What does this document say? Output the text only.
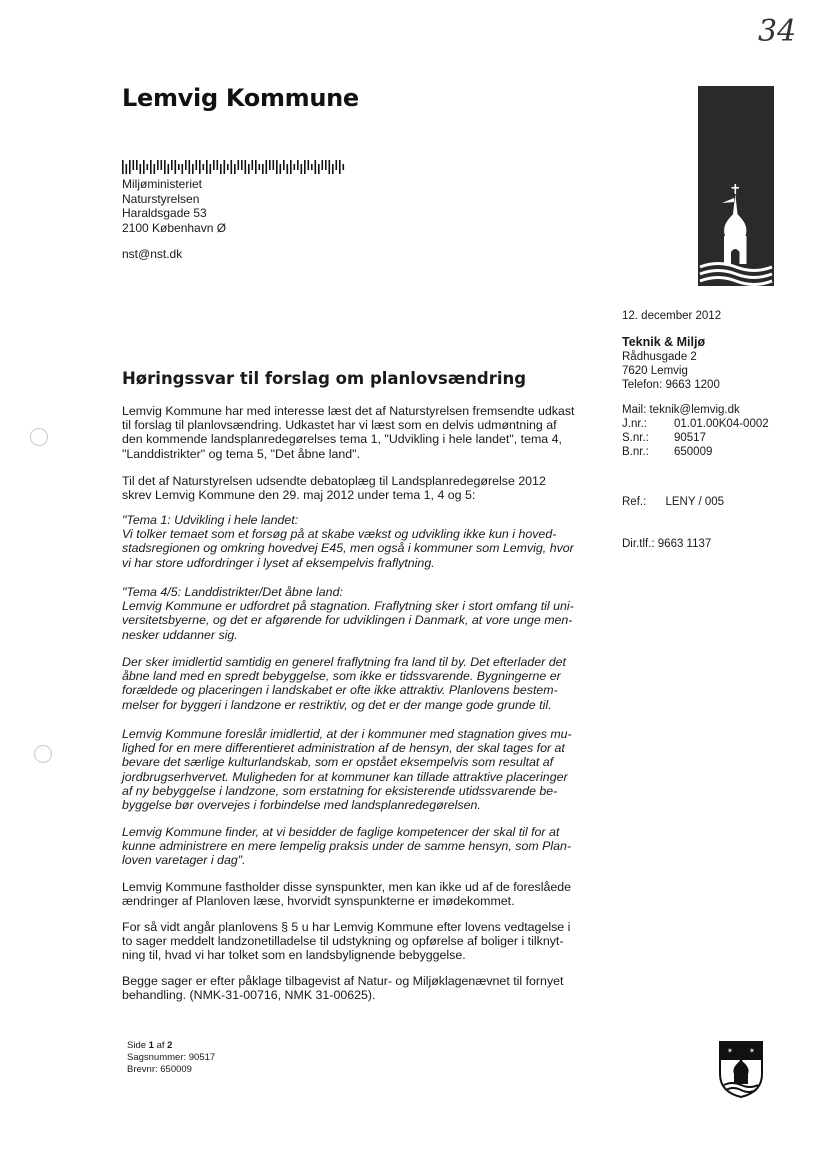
34
Lemvig Kommune
Miljøministeriet
Naturstyrelsen
Haraldsgade 53
2100 København Ø
nst@nst.dk
12. december 2012
Teknik & Miljø
Rådhusgade 2
7620 Lemvig
Telefon: 9663 1200
Mail: teknik@lemvig.dk
J.nr.:	01.01.00K04-0002
S.nr.:	90517
B.nr.:	650009

Ref.:      LENY / 005

Dir.tlf.: 9663 1137

Høringssvar til forslag om planlovsændring
Lemvig Kommune har med interesse læst det af Naturstyrelsen fremsendte udkast
til forslag til planlovsændring. Udkastet har vi læst som en delvis udmøntning af
den kommende landsplanredegørelses tema 1, "Udvikling i hele landet", tema 4,
"Landdistrikter" og tema 5, "Det åbne land".
Til det af Naturstyrelsen udsendte debatoplæg til Landsplanredegørelse 2012
skrev Lemvig Kommune den 29. maj 2012 under tema 1, 4 og 5:
"Tema 1: Udvikling i hele landet:
Vi tolker temaet som et forsøg på at skabe vækst og udvikling ikke kun i hoved-
stadsregionen og omkring hovedvej E45, men også i kommuner som Lemvig, hvor
vi har store udfordringer i lyset af eksempelvis fraflytning.
"Tema 4/5: Landdistrikter/Det åbne land:
Lemvig Kommune er udfordret på stagnation. Fraflytning sker i stort omfang til uni-
versitetsbyerne, og det er afgørende for udviklingen i Danmark, at vore unge men-
nesker uddanner sig.
Der sker imidlertid samtidig en generel fraflytning fra land til by. Det efterlader det
åbne land med en spredt bebyggelse, som ikke er tidssvarende. Bygningerne er
forældede og placeringen i landskabet er ofte ikke attraktiv. Planlovens bestem-
melser for byggeri i landzone er restriktiv, og det er der mange gode grunde til.
Lemvig Kommune foreslår imidlertid, at der i kommuner med stagnation gives mu-
lighed for en mere differentieret administration af de hensyn, der skal tages for at
bevare det særlige kulturlandskab, som er opstået eksempelvis som resultat af
jordbrugserhvervet. Muligheden for at kommuner kan tillade attraktive placeringer
af ny bebyggelse i landzone, som erstatning for eksisterende utidssvarende be-
byggelse bør overvejes i forbindelse med landsplanredegørelsen.
Lemvig Kommune finder, at vi besidder de faglige kompetencer der skal til for at
kunne administrere en mere lempelig praksis under de samme hensyn, som Plan-
loven varetager i dag".
Lemvig Kommune fastholder disse synspunkter, men kan ikke ud af de foreslåede
ændringer af Planloven læse, hvorvidt synspunkterne er imødekommet.
For så vidt angår planlovens § 5 u har Lemvig Kommune efter lovens vedtagelse i
to sager meddelt landzonetilladelse til udstykning og opførelse af boliger i tilknyt-
ning til, hvad vi har tolket som en landsbylignende bebyggelse.
Begge sager er efter påklage tilbagevist af Natur- og Miljøklagenævnet til fornyet
behandling. (NMK-31-00716, NMK 31-00625).
Side 1 af 2
Sagsnummer: 90517
Brevnr: 650009
✶ ✶
